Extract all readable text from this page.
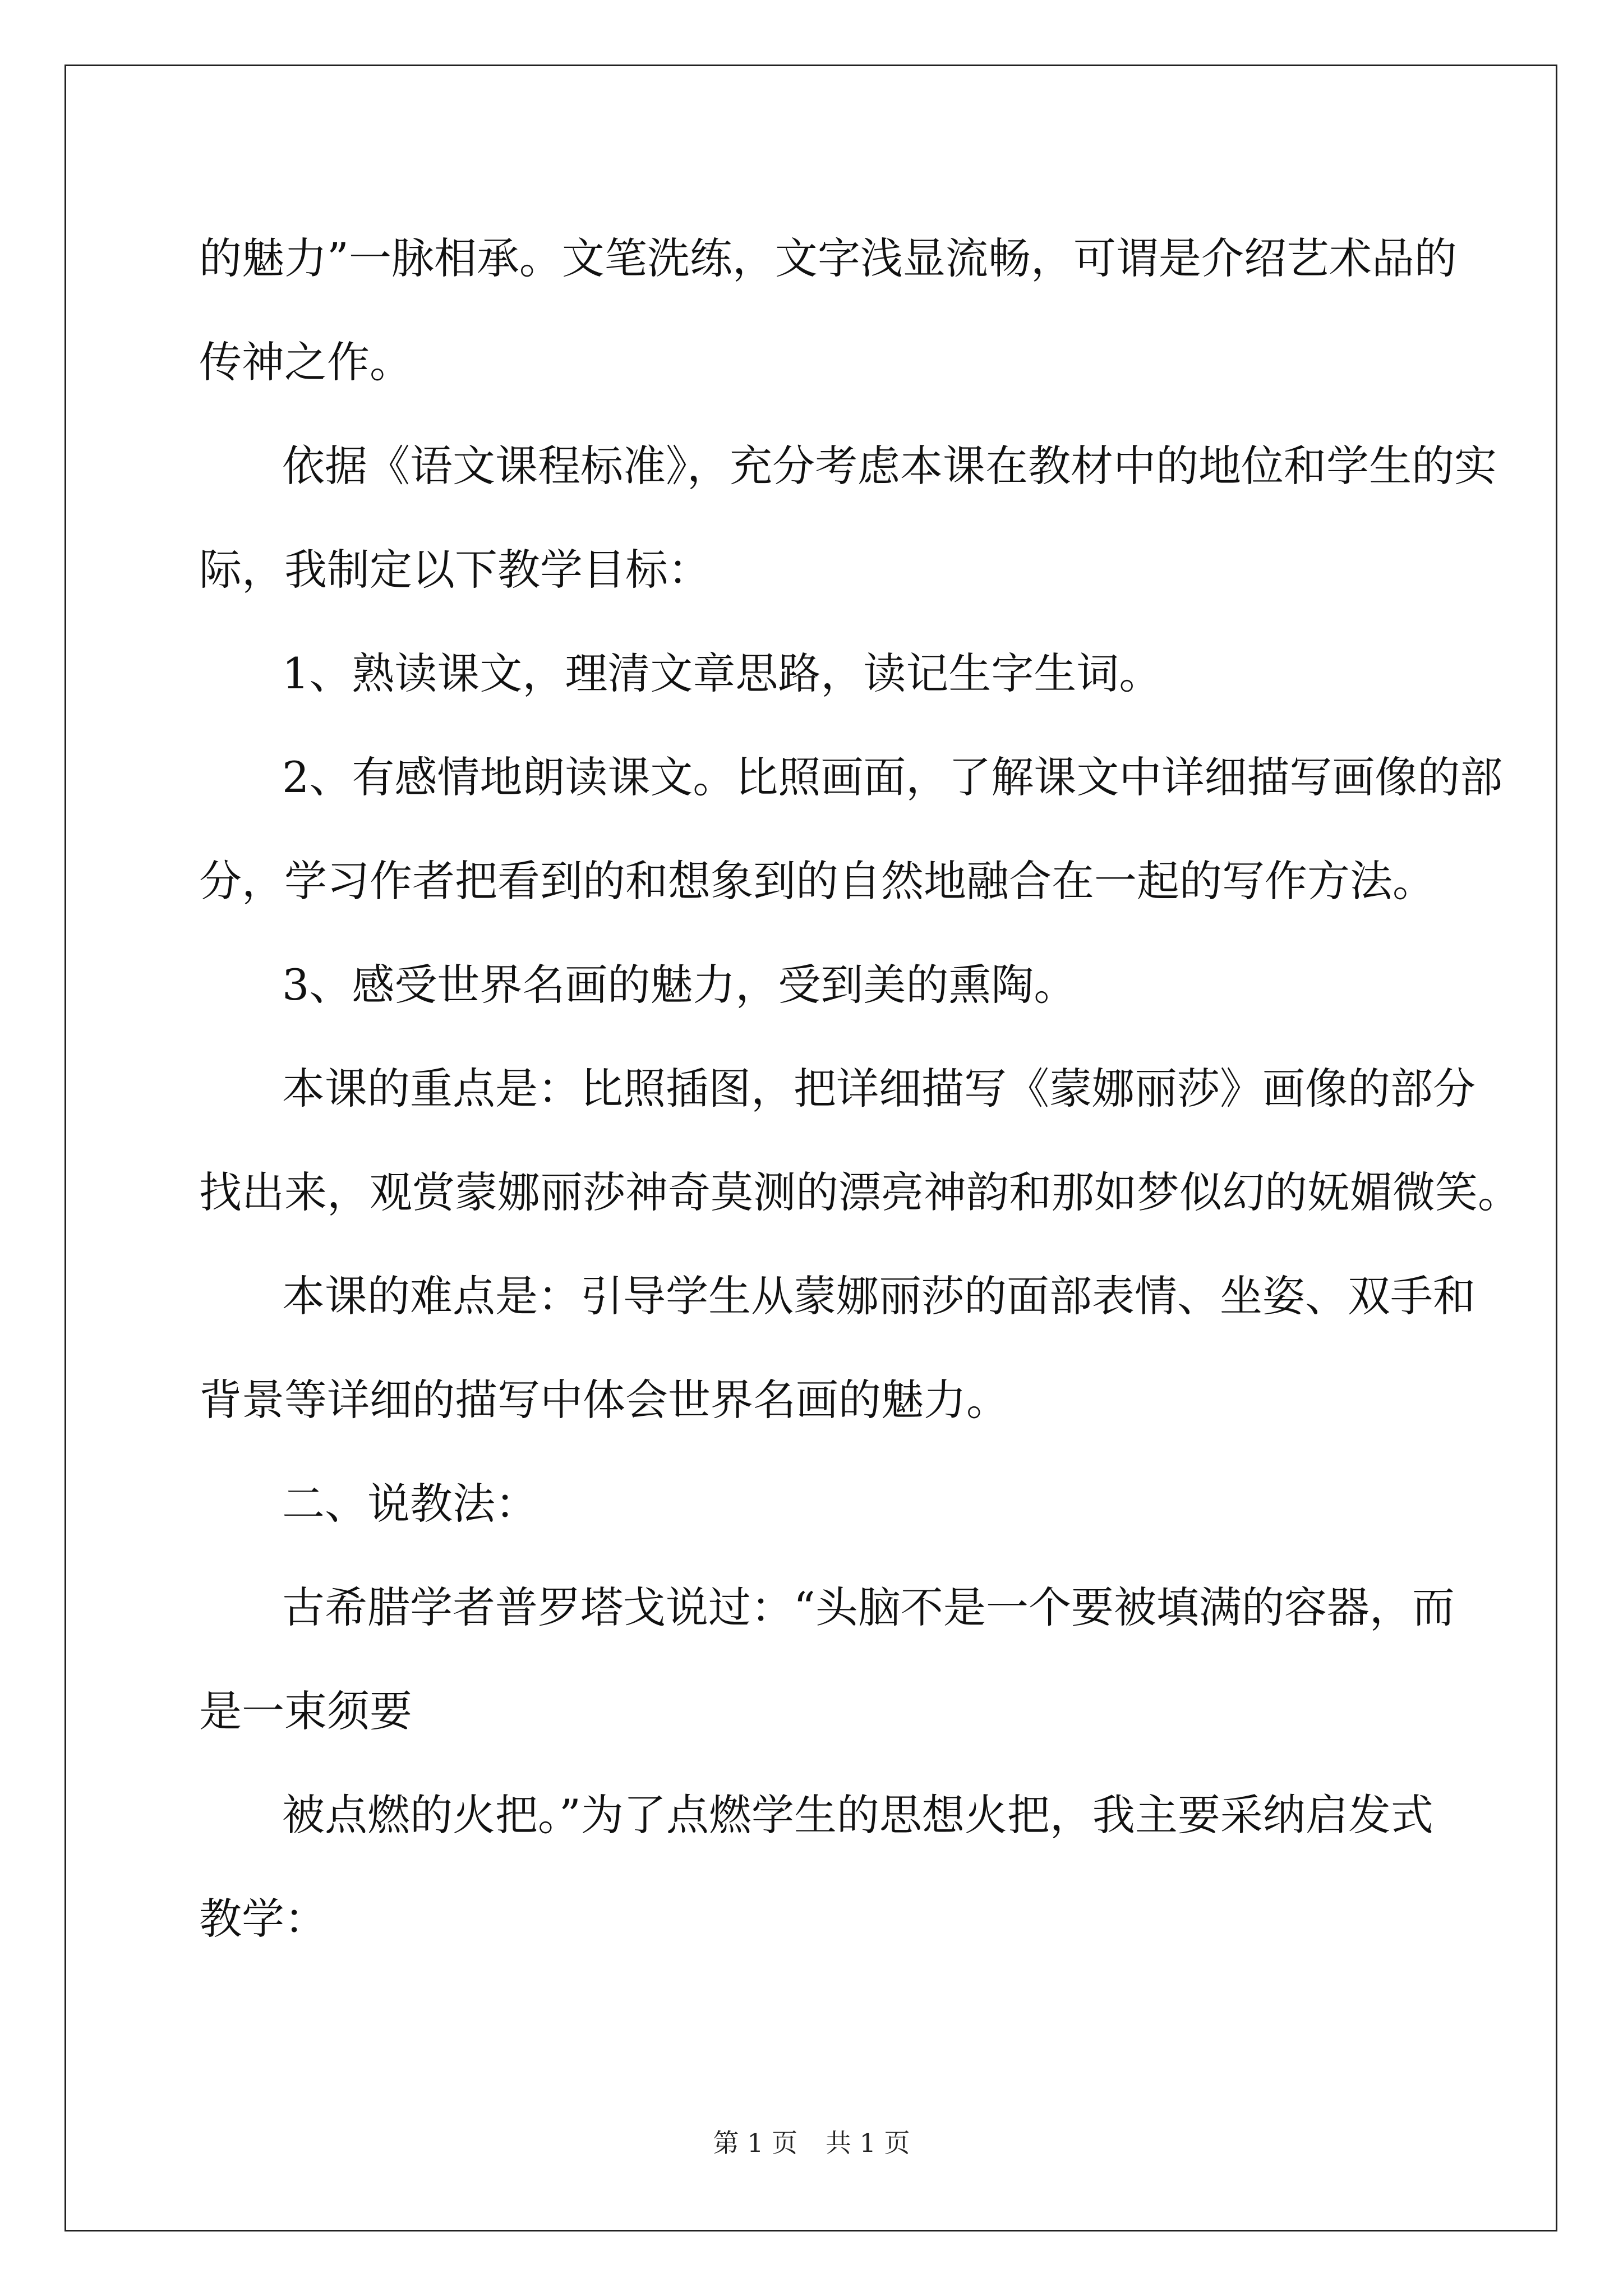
的魅力”一脉相承。文笔洗练，文字浅显流畅，可谓是介绍艺术品的
传神之作。
依据《语文课程标准》，充分考虑本课在教材中的地位和学生的实
际，我制定以下教学目标：
1、熟读课文，理清文章思路，读记生字生词。
2、有感情地朗读课文。比照画面，了解课文中详细描写画像的部
分，学习作者把看到的和想象到的自然地融合在一起的写作方法。
3、感受世界名画的魅力，受到美的熏陶。
本课的重点是：比照插图，把详细描写《蒙娜丽莎》画像的部分
找出来，观赏蒙娜丽莎神奇莫测的漂亮神韵和那如梦似幻的妩媚微笑。
本课的难点是：引导学生从蒙娜丽莎的面部表情、坐姿、双手和
背景等详细的描写中体会世界名画的魅力。
二、说教法：
古希腊学者普罗塔戈说过：“头脑不是一个要被填满的容器，而
是一束须要
被点燃的火把。”为了点燃学生的思想火把，我主要采纳启发式
教学：
第 1 页 共 1 页
